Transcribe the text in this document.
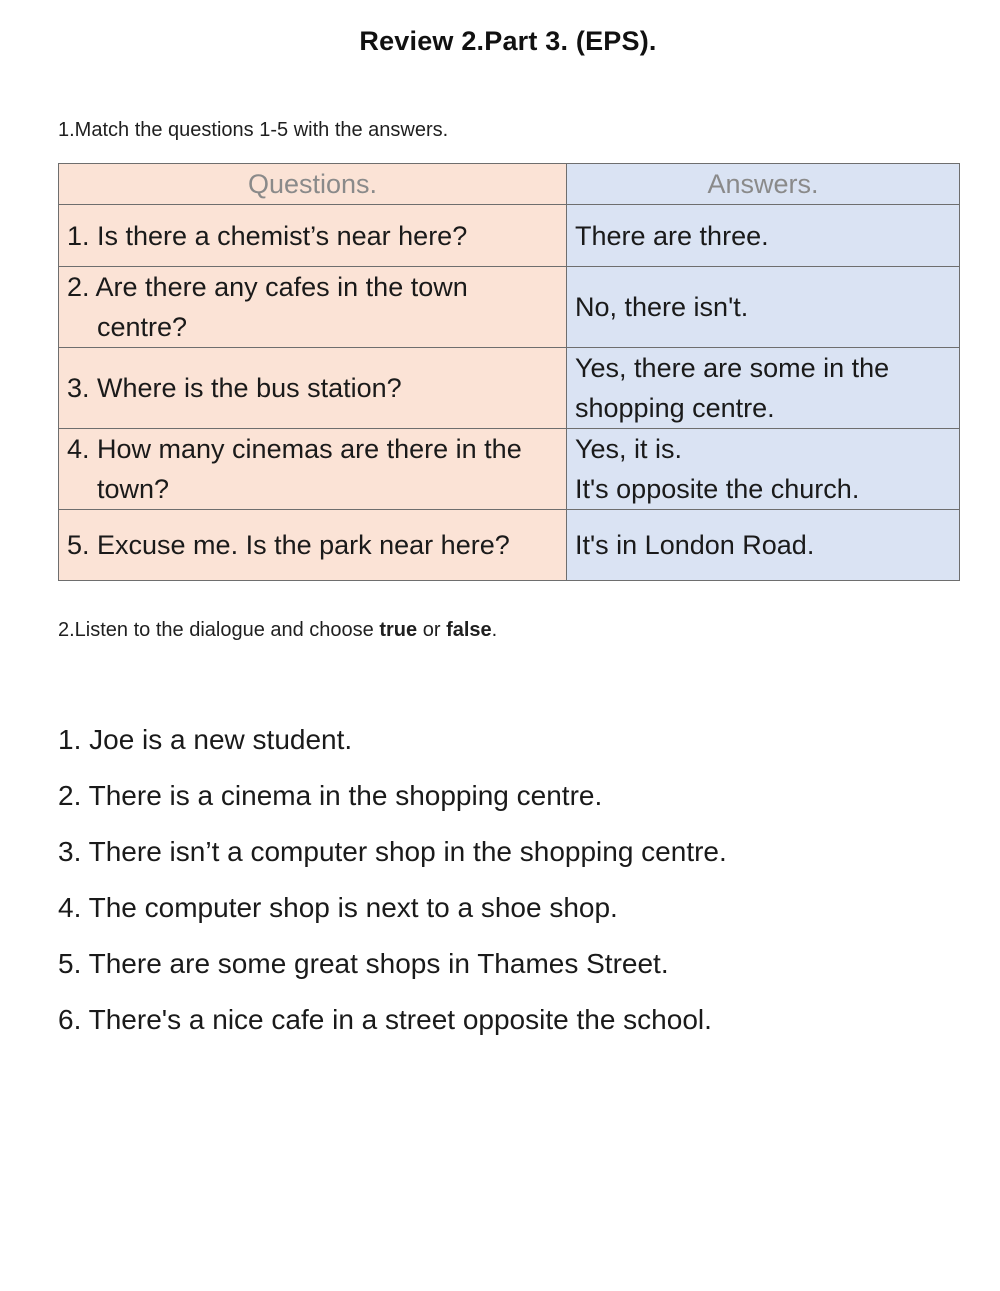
Review 2.Part 3. (EPS).
1.Match the questions 1-5 with the answers.
Questions.	Answers.

1. Is there a chemist’s near here?	There are three.

2. Are there any cafes in the town centre?	No, there isn't.

3. Where is the bus station?	Yes, there are some in the
shopping centre.

4. How many cinemas are there in the town?	Yes, it is.
It's opposite the church.

5. Excuse me. Is the park near here?	It's in London Road.
2.Listen to the dialogue and choose true or false.
1. Joe is a new student.
2. There is a cinema in the shopping centre.
3. There isn’t a computer shop in the shopping centre.
4. The computer shop is next to a shoe shop.
5. There are some great shops in Thames Street.
6. There's a nice cafe in a street opposite the school.
